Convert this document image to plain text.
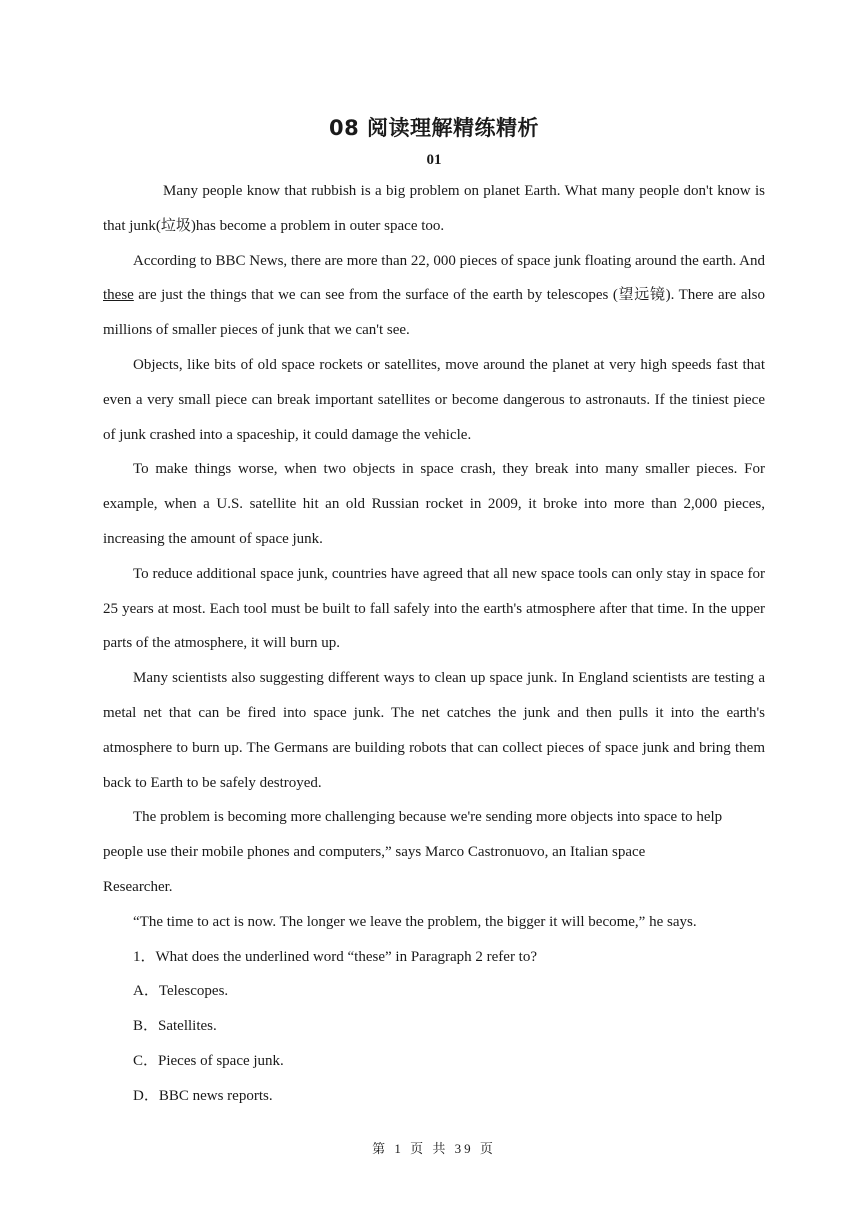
08 阅读理解精练精析
01

Many people know that rubbish is a big problem on planet Earth. What many people don't know is that junk(垃圾)has become a problem in outer space too.

According to BBC News, there are more than 22, 000 pieces of space junk floating around the earth. And these are just the things that we can see from the surface of the earth by telescopes (望远镜). There are also millions of smaller pieces of junk that we can't see.

Objects, like bits of old space rockets or satellites, move around the planet at very high speeds fast that even a very small piece can break important satellites or become dangerous to astronauts. If the tiniest piece of junk crashed into a spaceship, it could damage the vehicle.

To make things worse, when two objects in space crash, they break into many smaller pieces. For example, when a U.S. satellite hit an old Russian rocket in 2009, it broke into more than 2,000 pieces, increasing the amount of space junk.

To reduce additional space junk, countries have agreed that all new space tools can only stay in space for 25 years at most. Each tool must be built to fall safely into the earth's atmosphere after that time. In the upper parts of the atmosphere, it will burn up.

Many scientists also suggesting different ways to clean up space junk. In England scientists are testing a metal net that can be fired into space junk. The net catches the junk and then pulls it into the earth's atmosphere to burn up. The Germans are building robots that can collect pieces of space junk and bring them back to Earth to be safely destroyed.

The problem is becoming more challenging because we're sending more objects into space to help people use their mobile phones and computers,” says Marco Castronuovo, an Italian space

Researcher.

“The time to act is now. The longer we leave the problem, the bigger it will become,” he says.

1．What does the underlined word “these” in Paragraph 2 refer to?

A．Telescopes.

B．Satellites.

C．Pieces of space junk.

D．BBC news reports.

第 1 页 共 39 页
